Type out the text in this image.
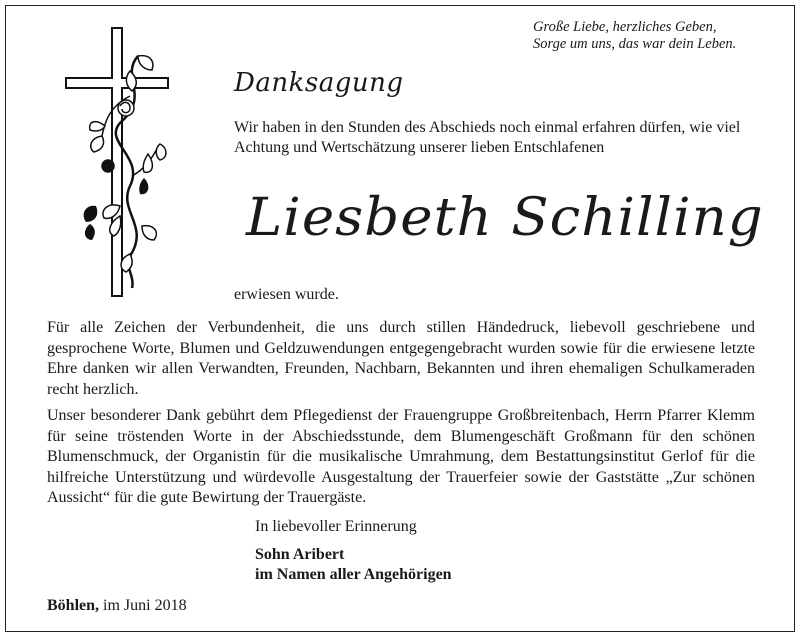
Große Liebe, herzliches Geben,
Sorge um uns, das war dein Leben.
Danksagung
Wir haben in den Stunden des Abschieds noch einmal erfahren dürfen, wie viel Achtung und Wertschätzung unserer lieben Entschlafenen
Liesbeth Schilling
erwiesen wurde.
Für alle Zeichen der Verbundenheit, die uns durch stillen Händedruck, liebevoll geschriebene und gesprochene Worte, Blumen und Geldzuwendungen entgegengebracht wurden sowie für die erwiesene letzte Ehre danken wir allen Verwandten, Freunden, Nachbarn, Bekannten und ihren ehemaligen Schulkameraden recht herzlich.
Unser besonderer Dank gebührt dem Pflegedienst der Frauengruppe Großbreitenbach, Herrn Pfarrer Klemm für seine tröstenden Worte in der Abschiedsstunde, dem Blumengeschäft Großmann für den schönen Blumenschmuck, der Organistin für die musikalische Umrahmung, dem Bestattungsinstitut Gerlof für die hilfreiche Unterstützung und würdevolle Ausgestaltung der Trauerfeier sowie der Gaststätte „Zur schönen Aussicht“ für die gute Bewirtung der Trauergäste.
In liebevoller Erinnerung
Sohn Aribert
im Namen aller Angehörigen
Böhlen, im Juni 2018
